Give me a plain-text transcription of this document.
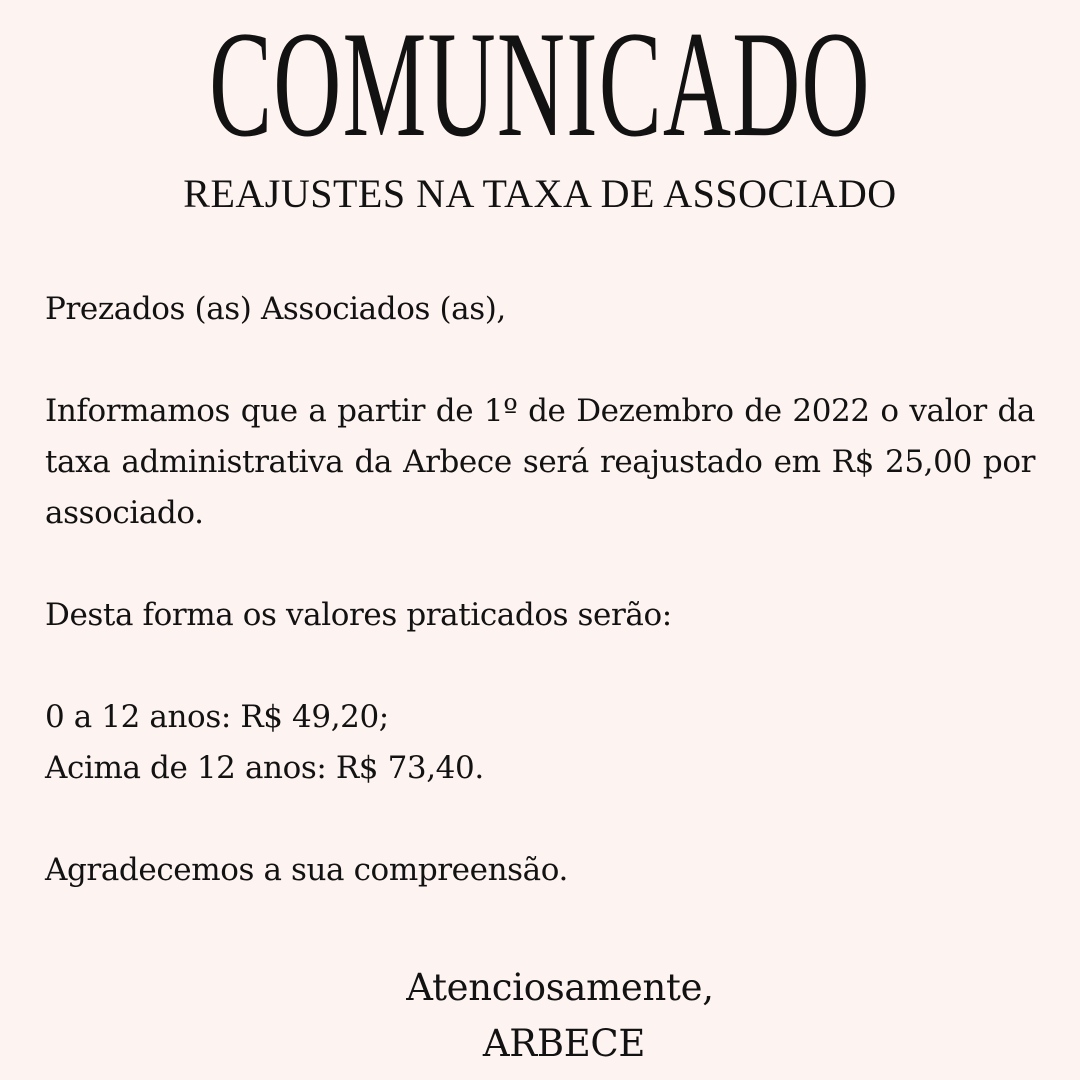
COMUNICADO
REAJUSTES NA TAXA DE ASSOCIADO
Prezados (as) Associados (as),
Informamos que a partir de 1º de Dezembro de 2022 o valor da taxa administrativa da Arbece será reajustado em R$ 25,00 por associado.
Desta forma os valores praticados serão:
0 a 12 anos: R$ 49,20;
Acima de 12 anos: R$ 73,40.
Agradecemos a sua compreensão.
Atenciosamente,
ARBECE
